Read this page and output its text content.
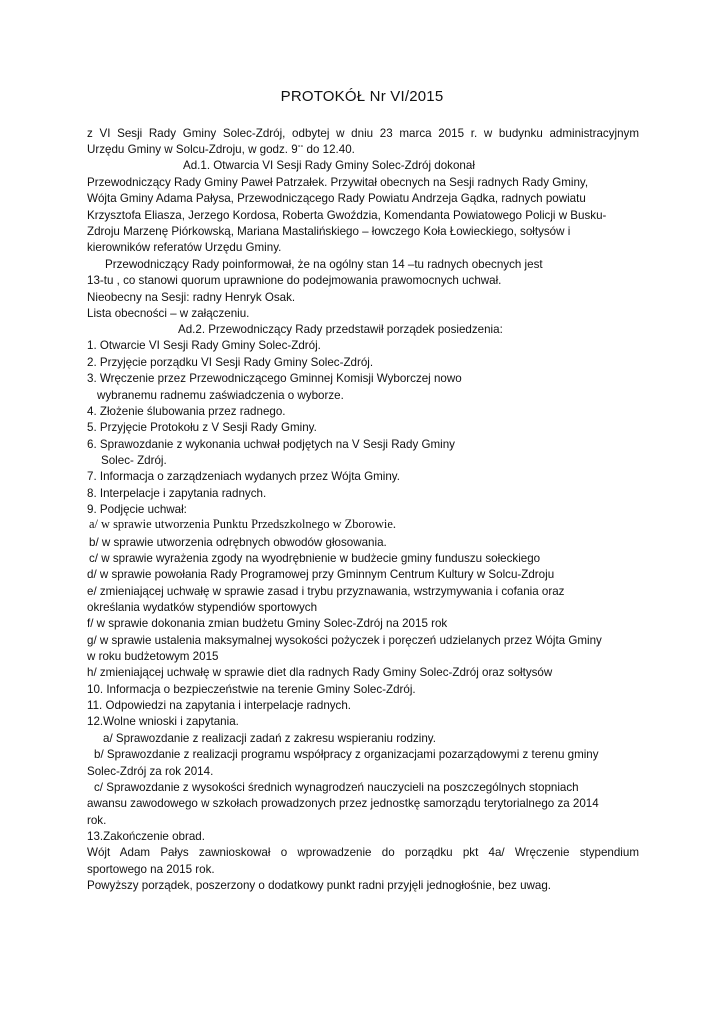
PROTOKÓŁ Nr VI/2015
z VI Sesji Rady Gminy Solec-Zdrój, odbytej w dniu 23 marca 2015 r. w budynku administracyjnym
Urzędu Gminy w Solcu-Zdroju, w godz. 9°° do 12.40.
Ad.1. Otwarcia VI Sesji Rady Gminy Solec-Zdrój dokonał
Przewodniczący Rady Gminy Paweł Patrzałek. Przywitał obecnych na Sesji radnych Rady Gminy,
Wójta Gminy Adama Pałysa, Przewodniczącego Rady Powiatu Andrzeja Gądka, radnych powiatu
Krzysztofa Eliasza, Jerzego Kordosa, Roberta Gwoździa, Komendanta Powiatowego Policji w Busku-
Zdroju Marzenę Piórkowską, Mariana Mastalińskiego – łowczego Koła Łowieckiego, sołtysów i
kierowników referatów Urzędu Gminy.
Przewodniczący Rady poinformował, że na ogólny stan 14 –tu radnych obecnych jest
13-tu , co stanowi quorum uprawnione do podejmowania prawomocnych uchwał.
Nieobecny na Sesji: radny Henryk Osak.
Lista obecności – w załączeniu.
Ad.2. Przewodniczący Rady przedstawił porządek posiedzenia:
1. Otwarcie VI Sesji Rady Gminy Solec-Zdrój.
2. Przyjęcie porządku VI Sesji Rady Gminy Solec-Zdrój.
3. Wręczenie przez Przewodniczącego Gminnej Komisji Wyborczej nowo
wybranemu radnemu zaświadczenia o wyborze.
4. Złożenie ślubowania przez radnego.
5. Przyjęcie Protokołu z V Sesji Rady Gminy.
6. Sprawozdanie z wykonania uchwał podjętych na V Sesji Rady Gminy
Solec- Zdrój.
7. Informacja o zarządzeniach wydanych przez Wójta Gminy.
8. Interpelacje i zapytania radnych.
9. Podjęcie uchwał:
a/ w sprawie utworzenia Punktu Przedszkolnego w Zborowie.
b/ w sprawie utworzenia odrębnych obwodów głosowania.
c/ w sprawie wyrażenia zgody na wyodrębnienie w budżecie gminy funduszu sołeckiego
d/ w sprawie powołania Rady Programowej przy Gminnym Centrum Kultury w Solcu-Zdroju
e/ zmieniającej uchwałę w sprawie zasad i trybu przyznawania, wstrzymywania i cofania oraz
określania wydatków stypendiów sportowych
f/ w sprawie dokonania zmian budżetu Gminy Solec-Zdrój na 2015 rok
g/ w sprawie ustalenia maksymalnej wysokości pożyczek i poręczeń udzielanych przez Wójta Gminy
w roku budżetowym 2015
h/ zmieniającej uchwałę w sprawie diet dla radnych Rady Gminy Solec-Zdrój oraz sołtysów
10. Informacja o bezpieczeństwie na terenie Gminy Solec-Zdrój.
11. Odpowiedzi na zapytania i interpelacje radnych.
12.Wolne wnioski i zapytania.
a/ Sprawozdanie z realizacji zadań z zakresu wspieraniu rodziny.
b/ Sprawozdanie z realizacji programu współpracy z organizacjami pozarządowymi z terenu gminy
Solec-Zdrój za rok 2014.
c/ Sprawozdanie z wysokości średnich wynagrodzeń nauczycieli na poszczególnych stopniach
awansu zawodowego w szkołach prowadzonych przez jednostkę samorządu terytorialnego za 2014
rok.
13.Zakończenie obrad.
Wójt Adam Pałys zawnioskował o wprowadzenie do porządku pkt 4a/ Wręczenie stypendium
sportowego na 2015 rok.
Powyższy porządek, poszerzony o dodatkowy punkt radni przyjęli jednogłośnie, bez uwag.
